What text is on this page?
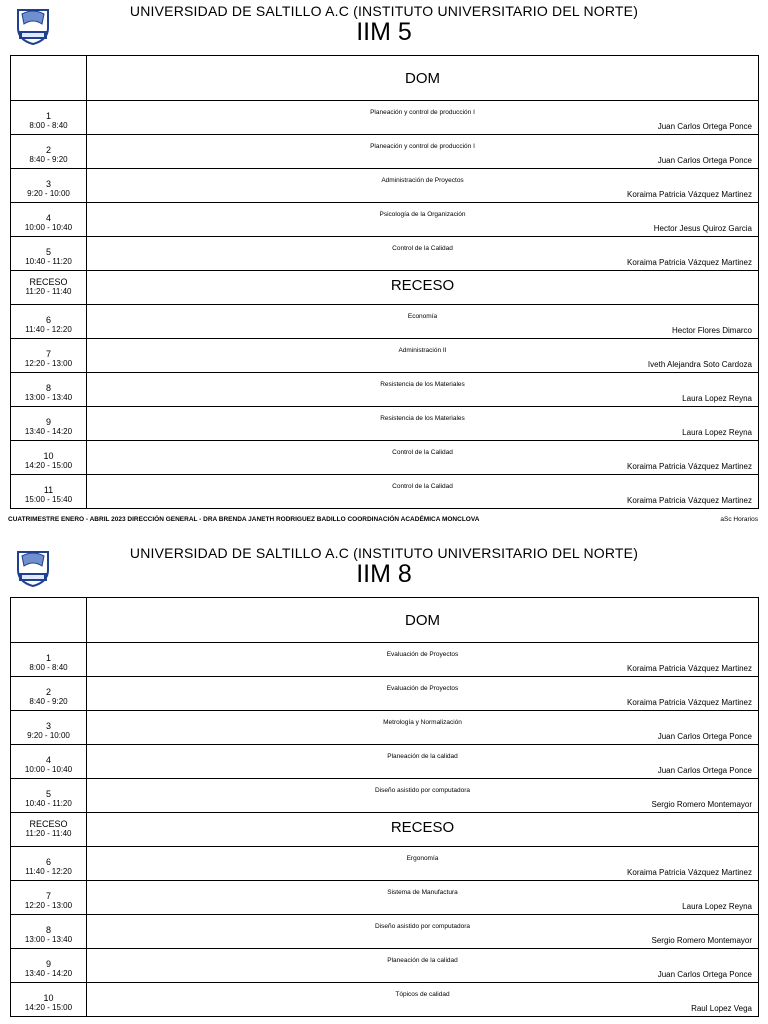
UNIVERSIDAD DE SALTILLO A.C (INSTITUTO UNIVERSITARIO DEL NORTE)
IIM 5
	DOM

1
8:00 - 8:40	Planeación y control de producción I
Juan Carlos Ortega Ponce

2
8:40 - 9:20	Planeación y control de producción I
Juan Carlos Ortega Ponce

3
9:20 - 10:00	Administración de Proyectos
Koraima Patricia Vázquez Martinez

4
10:00 - 10:40	Psicología de la Organización
Hector Jesus Quiroz Garcia

5
10:40 - 11:20	Control de la Calidad
Koraima Patricia Vázquez Martinez

RECESO
11:20 - 11:40	RECESO

6
11:40 - 12:20	Economía
Hector Flores Dimarco

7
12:20 - 13:00	Administración II
Iveth Alejandra Soto Cardoza

8
13:00 - 13:40	Resistencia de los Materiales
Laura Lopez Reyna

9
13:40 - 14:20	Resistencia de los Materiales
Laura Lopez Reyna

10
14:20 - 15:00	Control de la Calidad
Koraima Patricia Vázquez Martinez

11
15:00 - 15:40	Control de la Calidad
Koraima Patricia Vázquez Martinez
CUATRIMESTRE ENERO - ABRIL 2023 DIRECCIÓN GENERAL - DRA BRENDA JANETH RODRIGUEZ BADILLO COORDINACIÓN ACADÉMICA MONCLOVA	aSc Horarios
UNIVERSIDAD DE SALTILLO A.C (INSTITUTO UNIVERSITARIO DEL NORTE)
IIM 8
	DOM

1
8:00 - 8:40	Evaluación de Proyectos
Koraima Patricia Vázquez Martinez

2
8:40 - 9:20	Evaluación de Proyectos
Koraima Patricia Vázquez Martinez

3
9:20 - 10:00	Metrología y Normalización
Juan Carlos Ortega Ponce

4
10:00 - 10:40	Planeación de la calidad
Juan Carlos Ortega Ponce

5
10:40 - 11:20	Diseño asistido por computadora
Sergio Romero Montemayor

RECESO
11:20 - 11:40	RECESO

6
11:40 - 12:20	Ergonomía
Koraima Patricia Vázquez Martinez

7
12:20 - 13:00	Sistema de Manufactura
Laura Lopez Reyna

8
13:00 - 13:40	Diseño asistido por computadora
Sergio Romero Montemayor

9
13:40 - 14:20	Planeación de la calidad
Juan Carlos Ortega Ponce

10
14:20 - 15:00	Tópicos de calidad
Raul Lopez Vega
